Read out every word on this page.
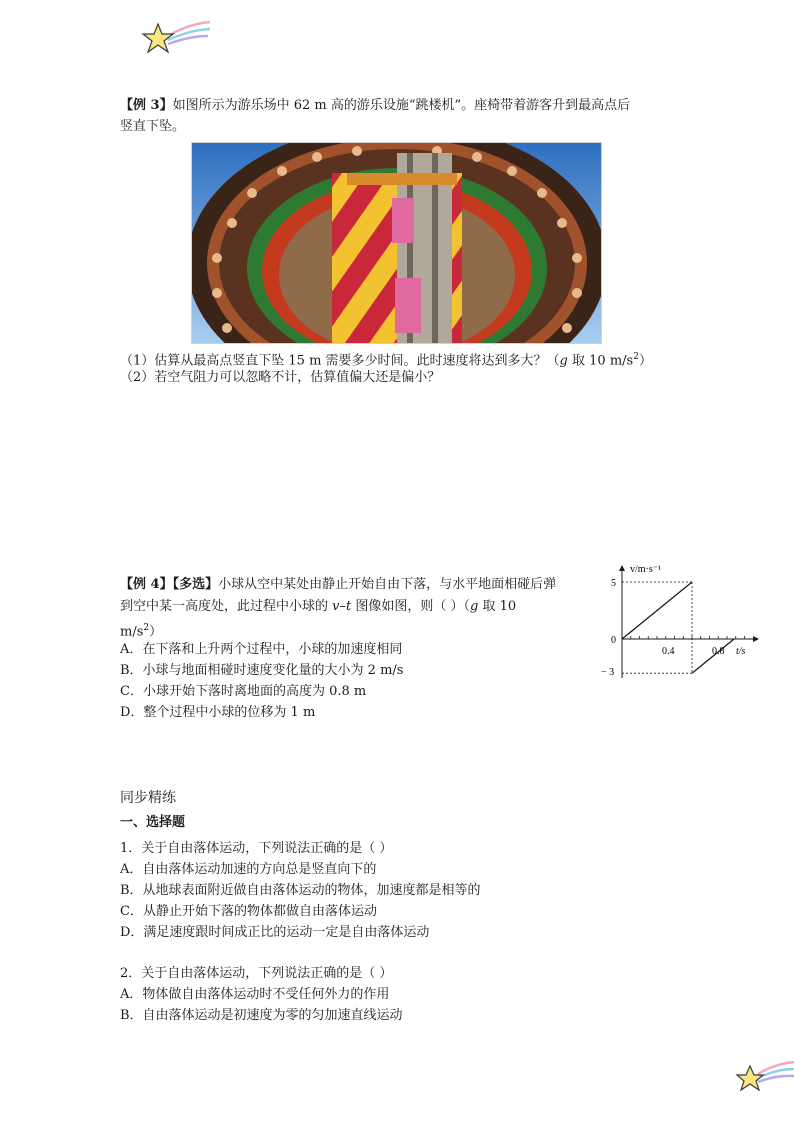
【例 3】如图所示为游乐场中 62 m 高的游乐设施“跳楼机”。座椅带着游客升到最高点后
竖直下坠。
（1）估算从最高点竖直下坠 15 m 需要多少时间。此时速度将达到多大？（g 取 10 $m/s^2$）
（2）若空气阻力可以忽略不计，估算值偏大还是偏小？
【例 4】【多选】小球从空中某处由静止开始自由下落，与水平地面相碰后弹
到空中某一高度处，此过程中小球的 v–t 图像如图，则（ ）（g 取 10
$m/s^2$）
A．在下落和上升两个过程中，小球的加速度相同
B．小球与地面相碰时速度变化量的大小为 2 m/s
C．小球开始下落时离地面的高度为 0.8 m
D．整个过程中小球的位移为 1 m
v/m·s⁻¹
t/s
5
0
− 3
0.4	0.8
同步精练
一、选择题
1．关于自由落体运动，下列说法正确的是（ ）
A．自由落体运动加速的方向总是竖直向下的
B．从地球表面附近做自由落体运动的物体，加速度都是相等的
C．从静止开始下落的物体都做自由落体运动
D．满足速度跟时间成正比的运动一定是自由落体运动
2．关于自由落体运动，下列说法正确的是（ ）
A．物体做自由落体运动时不受任何外力的作用
B．自由落体运动是初速度为零的匀加速直线运动
